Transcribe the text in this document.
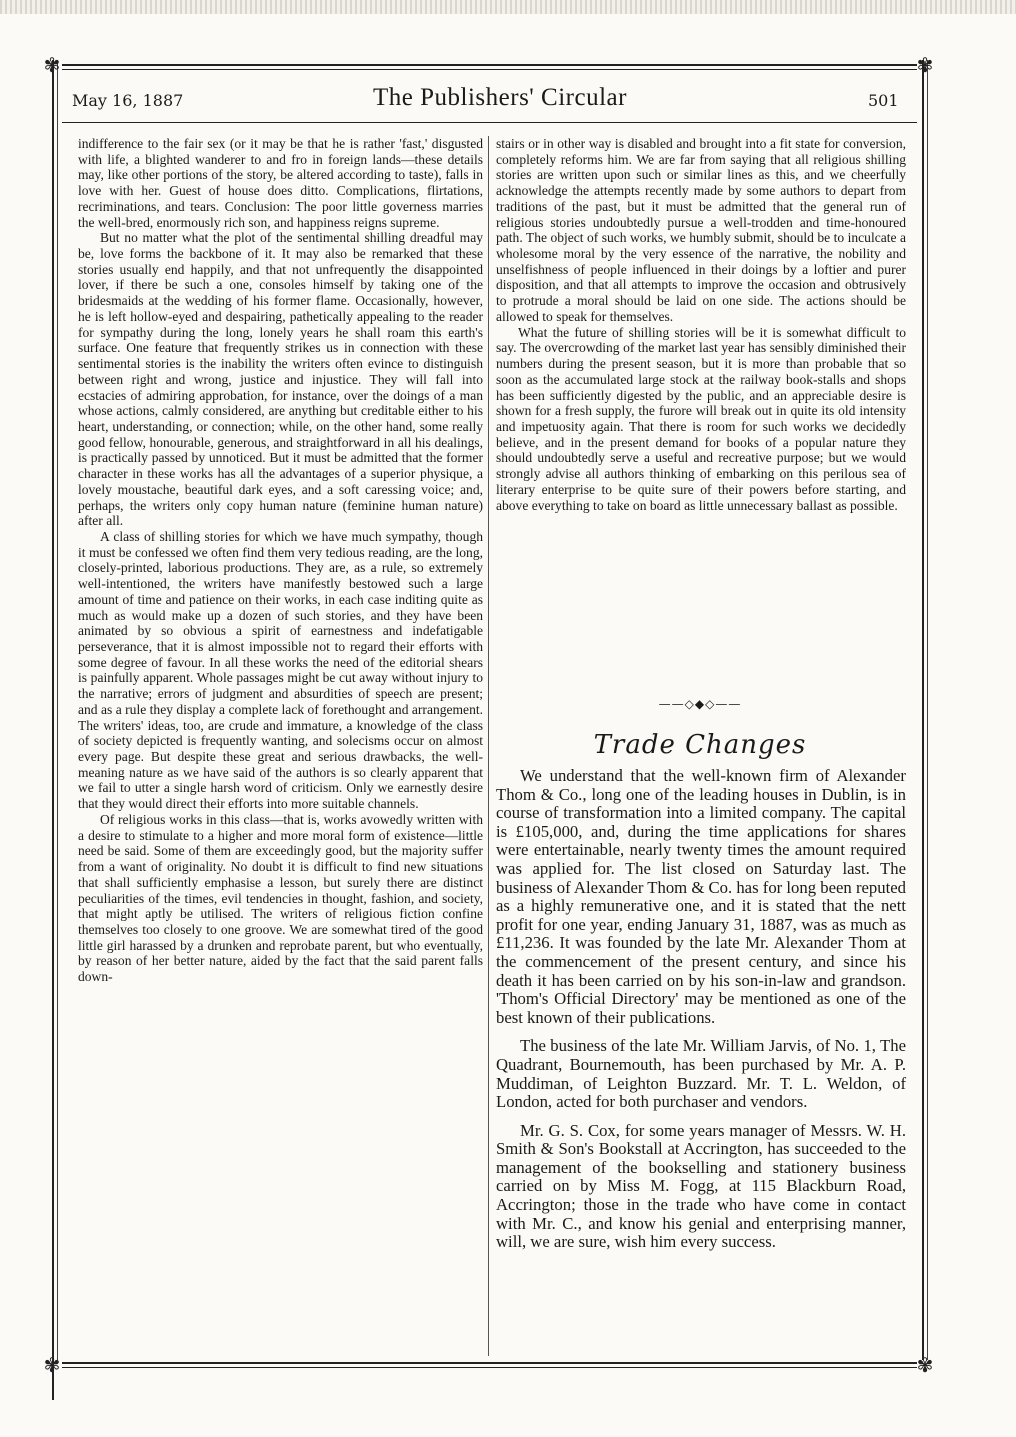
✾	✾
✾	✾
May 16, 1887	The Publishers' Circular	501

indifference to the fair sex (or it may be that he is rather 'fast,' disgusted with life, a blighted wanderer to and fro in foreign lands—these details may, like other portions of the story, be altered according to taste), falls in love with her. Guest of house does ditto. Complications, flirtations, recriminations, and tears. Conclusion: The poor little governess marries the well-bred, enormously rich son, and happiness reigns supreme.

But no matter what the plot of the sentimental shilling dreadful may be, love forms the backbone of it. It may also be remarked that these stories usually end happily, and that not unfrequently the disappointed lover, if there be such a one, consoles himself by taking one of the bridesmaids at the wedding of his former flame. Occasionally, however, he is left hollow-eyed and despairing, pathetically appealing to the reader for sympathy during the long, lonely years he shall roam this earth's surface. One feature that frequently strikes us in connection with these sentimental stories is the inability the writers often evince to distinguish between right and wrong, justice and injustice. They will fall into ecstacies of admiring approbation, for instance, over the doings of a man whose actions, calmly considered, are anything but creditable either to his heart, understanding, or connection; while, on the other hand, some really good fellow, honourable, generous, and straightforward in all his dealings, is practically passed by unnoticed. But it must be admitted that the former character in these works has all the advantages of a superior physique, a lovely moustache, beautiful dark eyes, and a soft caressing voice; and, perhaps, the writers only copy human nature (feminine human nature) after all.

A class of shilling stories for which we have much sympathy, though it must be confessed we often find them very tedious reading, are the long, closely-printed, laborious productions. They are, as a rule, so extremely well-intentioned, the writers have manifestly bestowed such a large amount of time and patience on their works, in each case inditing quite as much as would make up a dozen of such stories, and they have been animated by so obvious a spirit of earnestness and indefatigable perseverance, that it is almost impossible not to regard their efforts with some degree of favour. In all these works the need of the editorial shears is painfully apparent. Whole passages might be cut away without injury to the narrative; errors of judgment and absurdities of speech are present; and as a rule they display a complete lack of forethought and arrangement. The writers' ideas, too, are crude and immature, a knowledge of the class of society depicted is frequently wanting, and solecisms occur on almost every page. But despite these great and serious drawbacks, the well-meaning nature as we have said of the authors is so clearly apparent that we fail to utter a single harsh word of criticism. Only we earnestly desire that they would direct their efforts into more suitable channels.

Of religious works in this class—that is, works avowedly written with a desire to stimulate to a higher and more moral form of existence—little need be said. Some of them are exceedingly good, but the majority suffer from a want of originality. No doubt it is difficult to find new situations that shall sufficiently emphasise a lesson, but surely there are distinct peculiarities of the times, evil tendencies in thought, fashion, and society, that might aptly be utilised. The writers of religious fiction confine themselves too closely to one groove. We are somewhat tired of the good little girl harassed by a drunken and reprobate parent, but who eventually, by reason of her better nature, aided by the fact that the said parent falls down-

stairs or in other way is disabled and brought into a fit state for conversion, completely reforms him. We are far from saying that all religious shilling stories are written upon such or similar lines as this, and we cheerfully acknowledge the attempts recently made by some authors to depart from traditions of the past, but it must be admitted that the general run of religious stories undoubtedly pursue a well-trodden and time-honoured path. The object of such works, we humbly submit, should be to inculcate a wholesome moral by the very essence of the narrative, the nobility and unselfishness of people influenced in their doings by a loftier and purer disposition, and that all attempts to improve the occasion and obtrusively to protrude a moral should be laid on one side. The actions should be allowed to speak for themselves.

What the future of shilling stories will be it is somewhat difficult to say. The overcrowding of the market last year has sensibly diminished their numbers during the present season, but it is more than probable that so soon as the accumulated large stock at the railway book-stalls and shops has been sufficiently digested by the public, and an appreciable desire is shown for a fresh supply, the furore will break out in quite its old intensity and impetuosity again. That there is room for such works we decidedly believe, and in the present demand for books of a popular nature they should undoubtedly serve a useful and recreative purpose; but we would strongly advise all authors thinking of embarking on this perilous sea of literary enterprise to be quite sure of their powers before starting, and above everything to take on board as little unnecessary ballast as possible.

——◇◆◇——
Trade Changes

We understand that the well-known firm of Alexander Thom & Co., long one of the leading houses in Dublin, is in course of transformation into a limited company. The capital is £105,000, and, during the time applications for shares were entertainable, nearly twenty times the amount required was applied for. The list closed on Saturday last. The business of Alexander Thom & Co. has for long been reputed as a highly remunerative one, and it is stated that the nett profit for one year, ending January 31, 1887, was as much as £11,236. It was founded by the late Mr. Alexander Thom at the commencement of the present century, and since his death it has been carried on by his son-in-law and grandson. 'Thom's Official Directory' may be mentioned as one of the best known of their publications.

The business of the late Mr. William Jarvis, of No. 1, The Quadrant, Bournemouth, has been purchased by Mr. A. P. Muddiman, of Leighton Buzzard. Mr. T. L. Weldon, of London, acted for both purchaser and vendors.

Mr. G. S. Cox, for some years manager of Messrs. W. H. Smith & Son's Bookstall at Accrington, has succeeded to the management of the bookselling and stationery business carried on by Miss M. Fogg, at 115 Blackburn Road, Accrington; those in the trade who have come in contact with Mr. C., and know his genial and enterprising manner, will, we are sure, wish him every success.
